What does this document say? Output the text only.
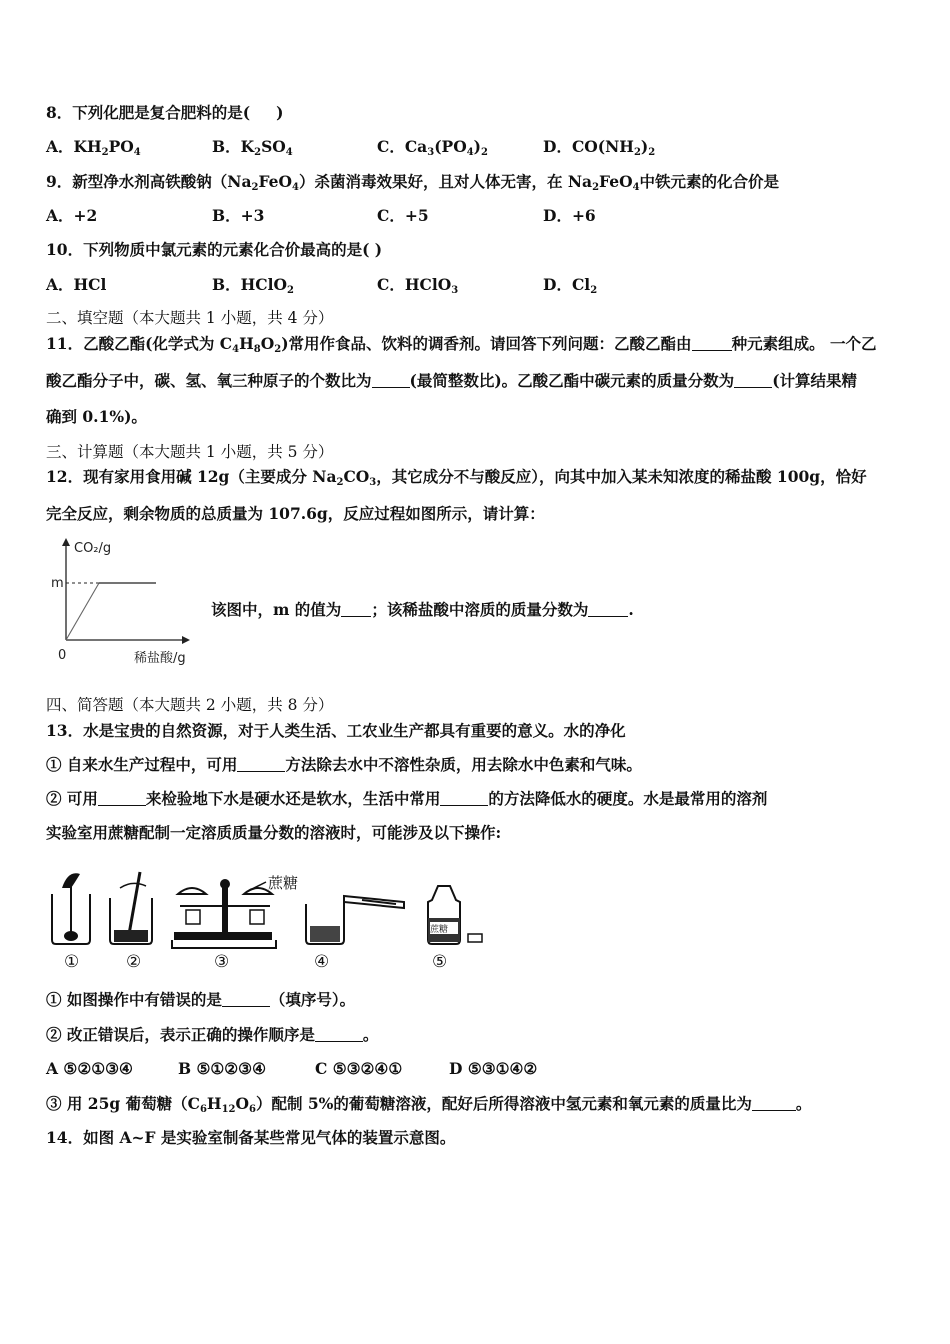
8．下列化肥是复合肥料的是( )
A．$KH_2PO_4$	B．$K_2SO_4$	C．$Ca_3(PO_4)_2$	D．$CO(NH_2)_2$
9．新型净水剂高铁酸钠$(Na_2FeO_4)$杀菌消毒效果好，且对人体无害，在 $Na_2FeO_4$中铁元素的化合价是
A．+2	B．+3	C．+5	D．+6
10．下列物质中氯元素的元素化合价最高的是( )
A．HCl	B．HClO$_2$	C．HClO$_3$	D．$Cl_2$
二、填空题（本大题共 1 小题，共 4 分）
11．乙酸乙酯(化学式为 $C_4H_8O_2$)常用作食品、饮料的调香剂。请回答下列问题：乙酸乙酯由	种元素组成。 一个乙
酸乙酯分子中，碳、氢、氧三种原子的个数比为 (最简整数比)。乙酸乙酯中碳元素的质量分数为 (计算结果精
确到 0.1%)。
三、计算题（本大题共 1 小题，共 5 分）
12．现有家用食用碱 12g（主要成分 $Na_2CO_3$，其它成分不与酸反应），向其中加入某未知浓度的稀盐酸 100g，恰好
完全反应，剩余物质的总质量为 107.6g，反应过程如图所示，请计算：
CO₂/g
m
0	稀盐酸/g
该图中，m 的值为 ；该稀盐酸中溶质的质量分数为	.
四、简答题（本大题共 2 小题，共 8 分）
13．水是宝贵的自然资源，对于人类生活、工农业生产都具有重要的意义。水的净化
① 自来水生产过程中，可用	方法除去水中不溶性杂质，用去除水中色素和气味。
② 可用	来检验地下水是硬水还是软水，生活中常用	的方法降低水的硬度。水是最常用的溶剂
实验室用蔗糖配制一定溶质质量分数的溶液时，可能涉及以下操作:
蔗糖
蔗糖
①	②	③	④	⑤
① 如图操作中有错误的是	（填序号）。
② 改正错误后，表示正确的操作顺序是	。
A ⑤②①③④	B ⑤①②③④	C ⑤③②④①	D ⑤③①④②
③ 用 25g 葡萄糖$(C_6H_{12}O_6)$配制 5%的葡萄糖溶液，配好后所得溶液中氢元素和氧元素的质量比为	。
14．如图 A~F 是实验室制备某些常见气体的装置示意图。
